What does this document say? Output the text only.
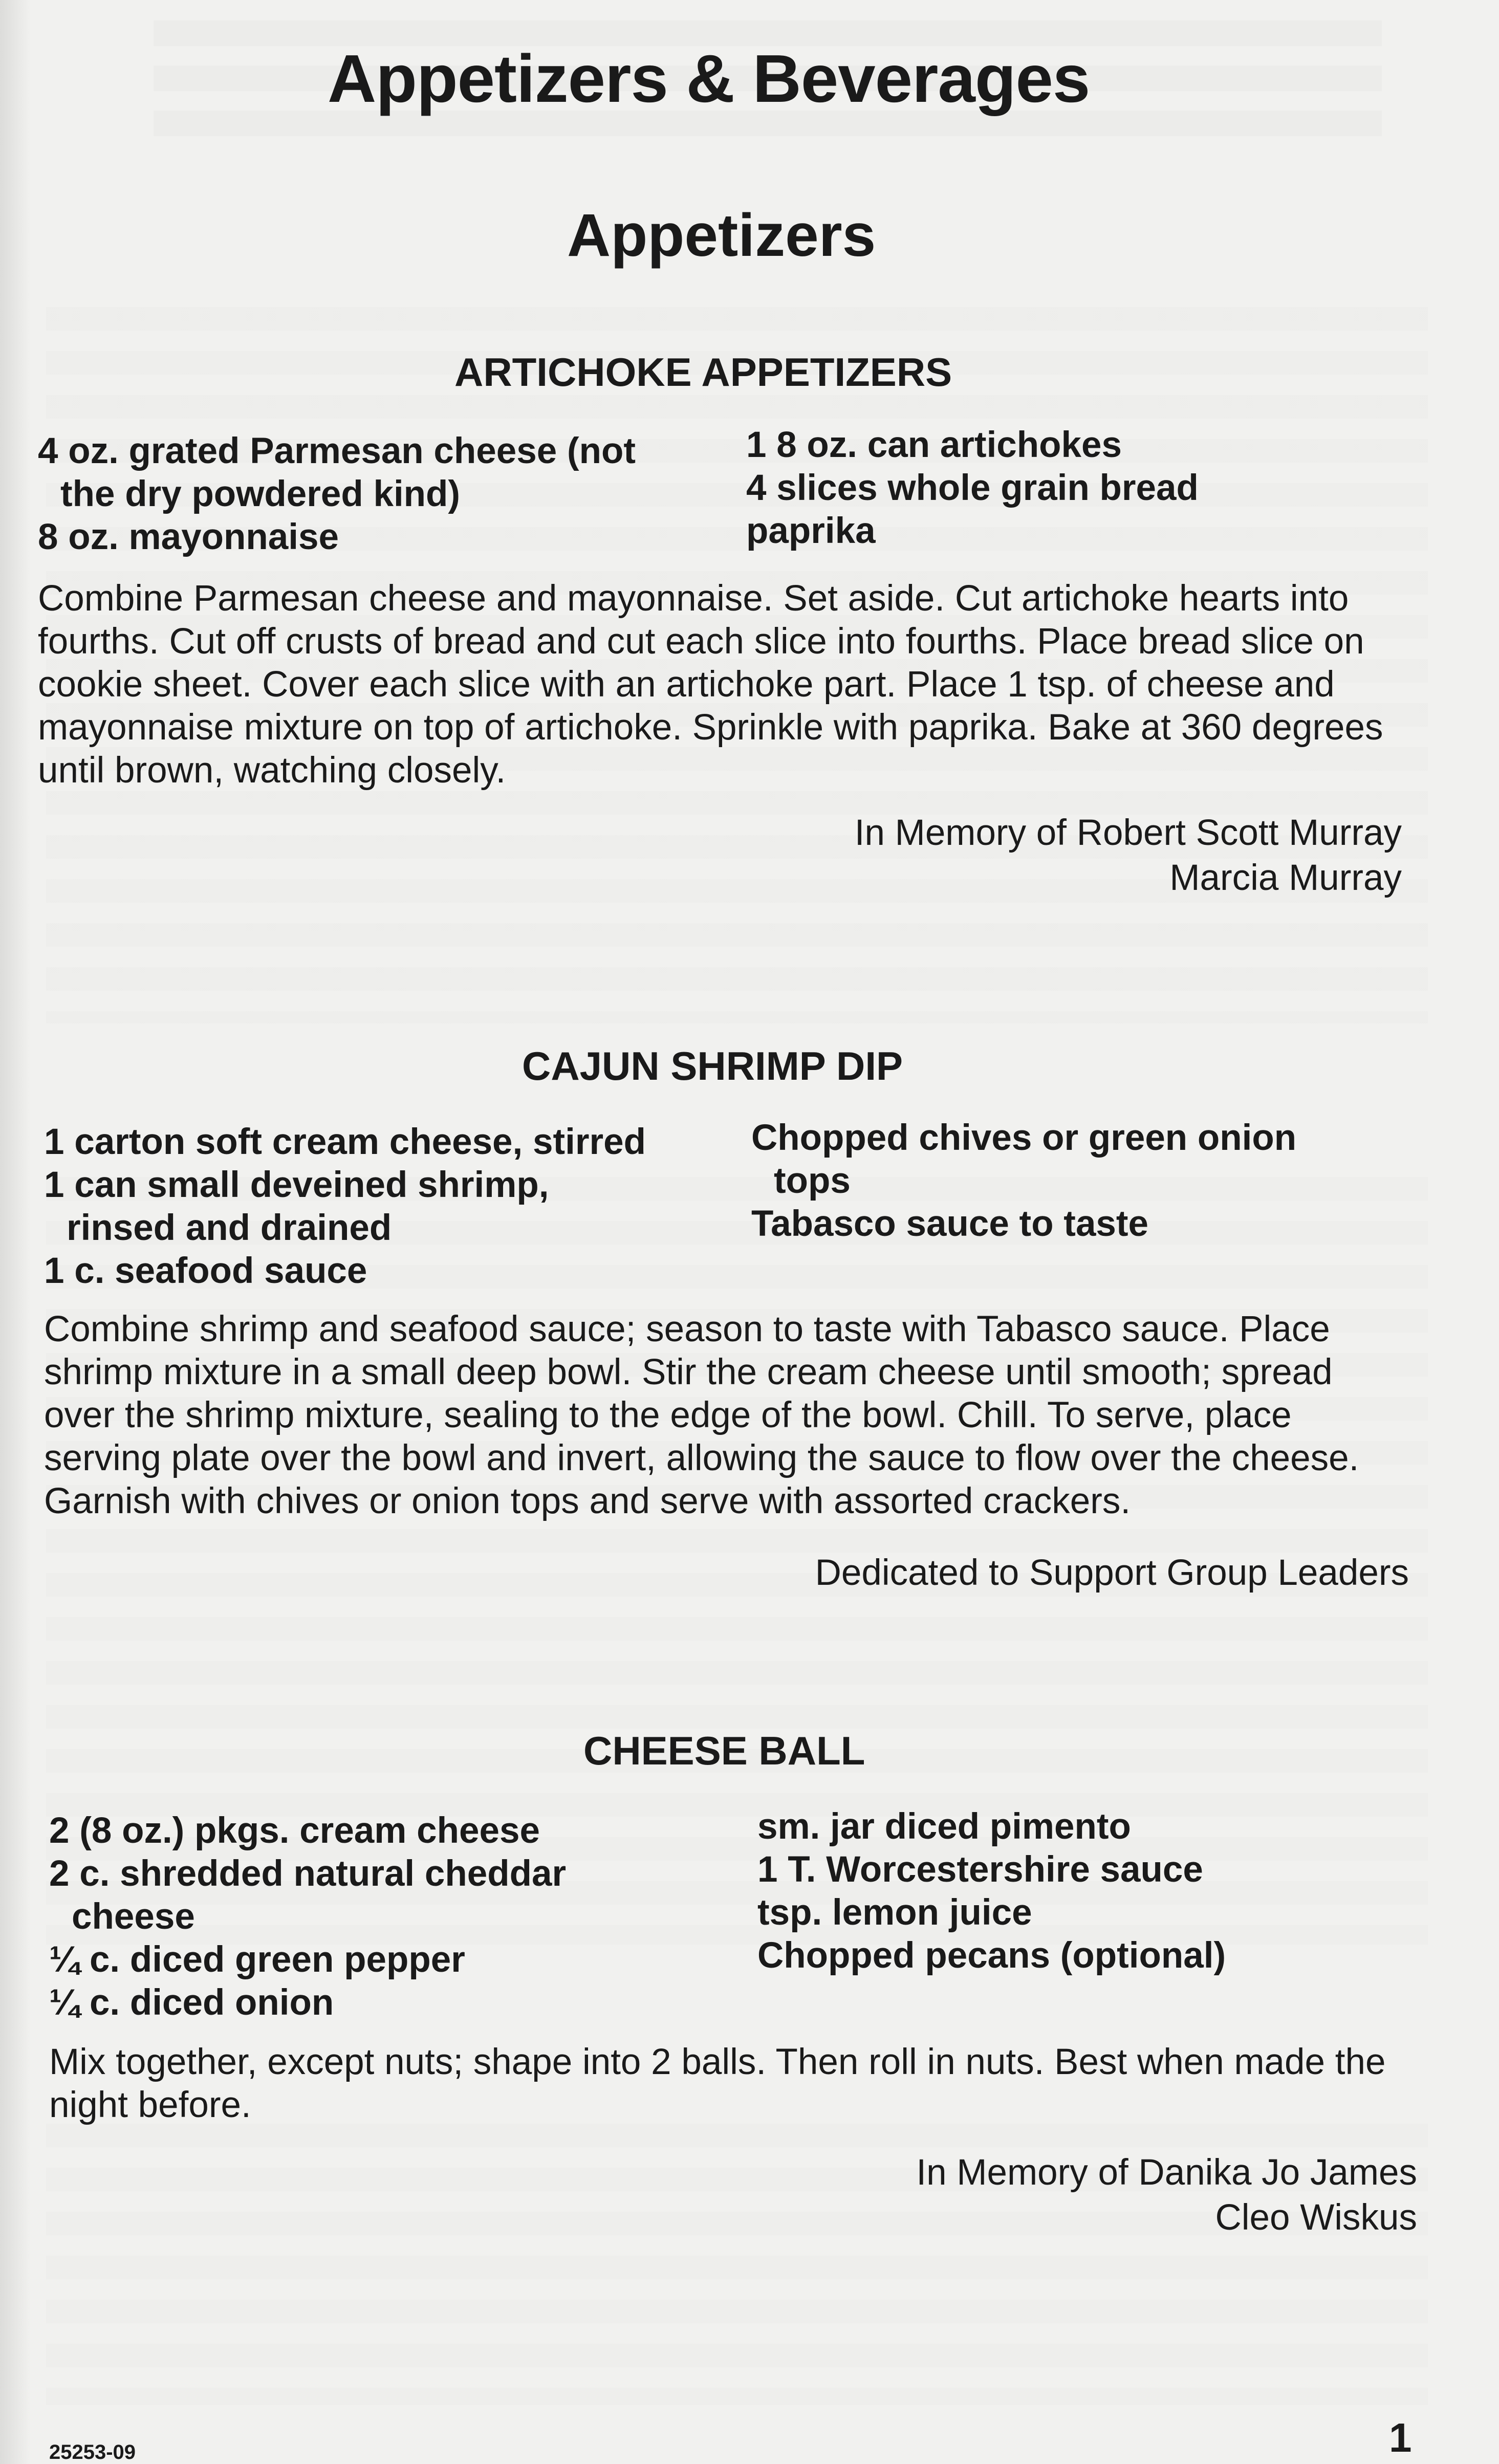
Appetizers & Beverages
Appetizers
ARTICHOKE APPETIZERS
4 oz. grated Parmesan cheese (not
the dry powdered kind)
8 oz. mayonnaise
1 8 oz. can artichokes
4 slices whole grain bread
paprika
Combine Parmesan cheese and mayonnaise. Set aside. Cut artichoke hearts into fourths. Cut off crusts of bread and cut each slice into fourths. Place bread slice on cookie sheet. Cover each slice with an artichoke part. Place 1 tsp. of cheese and mayonnaise mixture on top of artichoke. Sprinkle with paprika. Bake at 360 degrees until brown, watching closely.
In Memory of Robert Scott Murray
Marcia Murray
CAJUN SHRIMP DIP
1 carton soft cream cheese, stirred
1 can small deveined shrimp,
rinsed and drained
1 c. seafood sauce
Chopped chives or green onion
tops
Tabasco sauce to taste
Combine shrimp and seafood sauce; season to taste with Tabasco sauce. Place shrimp mixture in a small deep bowl. Stir the cream cheese until smooth; spread over the shrimp mixture, sealing to the edge of the bowl. Chill. To serve, place serving plate over the bowl and invert, allowing the sauce to flow over the cheese. Garnish with chives or onion tops and serve with assorted crackers.
Dedicated to Support Group Leaders
CHEESE BALL
2 (8 oz.) pkgs. cream cheese
2 c. shredded natural cheddar
cheese
¼ c. diced green pepper
¼ c. diced onion
sm. jar diced pimento
1 T. Worcestershire sauce
tsp. lemon juice
Chopped pecans (optional)
Mix together, except nuts; shape into 2 balls. Then roll in nuts. Best when made the night before.
In Memory of Danika Jo James
Cleo Wiskus
25253-09	1
